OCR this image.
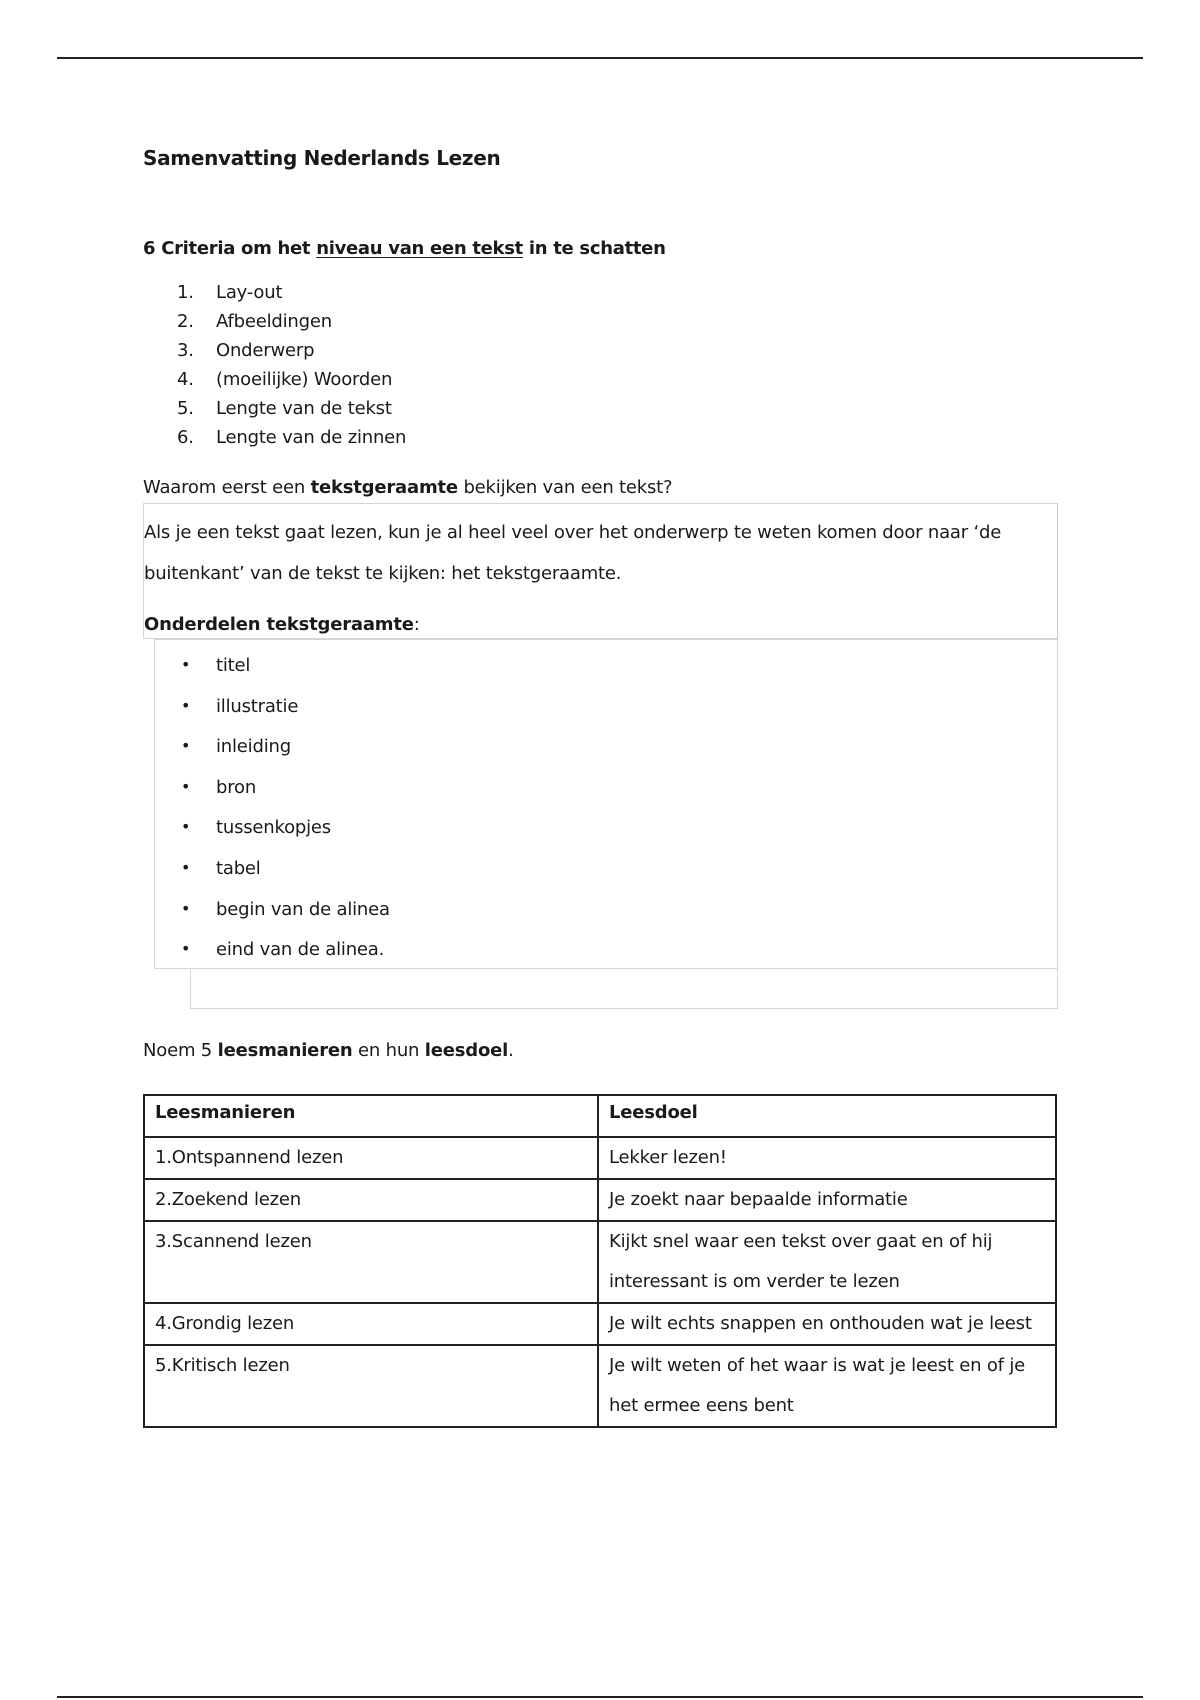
Samenvatting Nederlands Lezen
6 Criteria om het niveau van een tekst in te schatten
1.	Lay-out
2.	Afbeeldingen
3.	Onderwerp
4.	(moeilijke) Woorden
5.	Lengte van de tekst
6.	Lengte van de zinnen
Waarom eerst een tekstgeraamte bekijken van een tekst?

Als je een tekst gaat lezen, kun je al heel veel over het onderwerp te weten komen door naar ‘de

buitenkant’ van de tekst te kijken: het tekstgeraamte.

Onderdelen tekstgeraamte:

•	titel
•	illustratie
•	inleiding
•	bron
•	tussenkopjes
•	tabel
•	begin van de alinea
•	eind van de alinea.
Noem 5 leesmanieren en hun leesdoel.
Leesmanieren	Leesdoel
1.Ontspannend lezen	Lekker lezen!
2.Zoekend lezen	Je zoekt naar bepaalde informatie
3.Scannend lezen	Kijkt snel waar een tekst over gaat en of hij
interessant is om verder te lezen

4.Grondig lezen	Je wilt echts snappen en onthouden wat je leest
5.Kritisch lezen	Je wilt weten of het waar is wat je leest en of je
het ermee eens bent
